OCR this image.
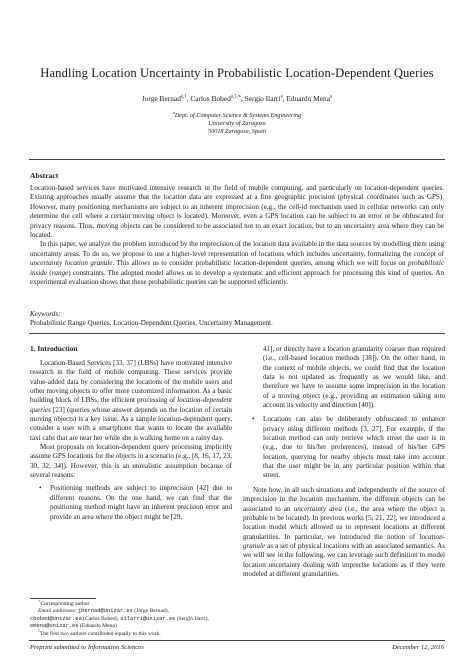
Handling Location Uncertainty in Probabilistic Location-Dependent Queries
Jorge Bernad$^{a,1}$, Carlos Bobed$^{a,1,∗}$, Sergio Ilarri$^a$, Eduardo Mena$^a$
$^a$Dept. of Computer Science & Systems Engineering
University of Zaragoza
50018 Zaragoza, Spain
Abstract

Location-based services have motivated intensive research in the field of mobile computing, and particularly on location-dependent queries. Existing approaches usually assume that the location data are expressed at a fine geographic precision (physical coordinates such as GPS). However, many positioning mechanisms are subject to an inherent imprecision (e.g., the cell-id mechanism used in cellular networks can only determine the cell where a certain moving object is located). Moreover, even a GPS location can be subject to an error or be obfuscated for privacy reasons. Thus, moving objects can be considered to be associated not to an exact location, but to an uncertainty area where they can be located.

In this paper, we analyze the problem introduced by the imprecision of the location data available in the data sources by modelling them using uncertainty areas. To do so, we propose to use a higher-level representation of locations which includes uncertainty, formalizing the concept of uncertainty location granule. This allows us to consider probabilistic location-dependent queries, among which we will focus on probabilistic inside (range) constraints. The adopted model allows us to develop a systematic and efficient approach for processing this kind of queries. An experimental evaluation shows that these probabilistic queries can be supported efficiently.

Keywords:
Probabilistic Range Queries, Location-Dependent Queries, Uncertainty Management.
1. Introduction

Location-Based Services [33, 37] (LBSs) have motivated intensive research in the field of mobile computing. These services provide value-added data by considering the locations of the mobile users and other moving objects to offer more customized information. As a basic building block of LBSs, the efficient processing of location-dependent queries [23] (queries whose answer depends on the location of certain moving objects) is a key issue. As a sample location-dependent query, consider a user with a smartphone that wants to locate the available taxi cabs that are near her while she is walking home on a rainy day.

Most proposals on location-dependent query processing implicitly assume GPS locations for the objects in a scenario (e.g., [8, 16, 17, 23, 30, 32, 34]). However, this is an unrealistic assumption because of several reasons:

• Positioning methods are subject to imprecision [42] due to different reasons. On the one hand, we can find that the positioning method might have an inherent precision error and provide an area where the object might be [29,

41], or directly have a location granularity coarser than required (i.e., cell-based location methods [38]). On the other hand, in the context of mobile objects, we could find that the location data is not updated as frequently as we would like, and therefore we have to assume some imprecision in the location of a moving object (e.g., providing an estimation taking into account its velocity and direction [40]).

• Locations can also be deliberately obfuscated to enhance privacy using different methods [3, 27]. For example, if the location method can only retrieve which street the user is in (e.g., due to his/her preferences), instead of his/her GPS location, querying for nearby objects must take into account that the user might be in any particular position within that street.

Note how, in all such situations and independently of the source of imprecision in the location mechanism, the different objects can be associated to an uncertainty area (i.e., the area where the object is probable to be located). In previous works [5, 21, 22], we introduced a location model which allowed us to represent locations at different granularities. In particular, we introduced the notion of location-granule as a set of physical locations with an associated semantics. As we will see in the following, we can leverage such definition to model location uncertainty dealing with imprecise locations as if they were modeled at different granularities.

∗Corresponding author
Email addresses: jbernad@unizar.es (Jorge Bernad),
cbobed@unizar.es (Carlos Bobed), silarri@unizar.es (Sergio Ilarri),
emena@unizar.es (Eduardo Mena)
$^1$The first two authors contributed equally to this work.
Preprint submitted to Information Sciences	December 12, 2016
